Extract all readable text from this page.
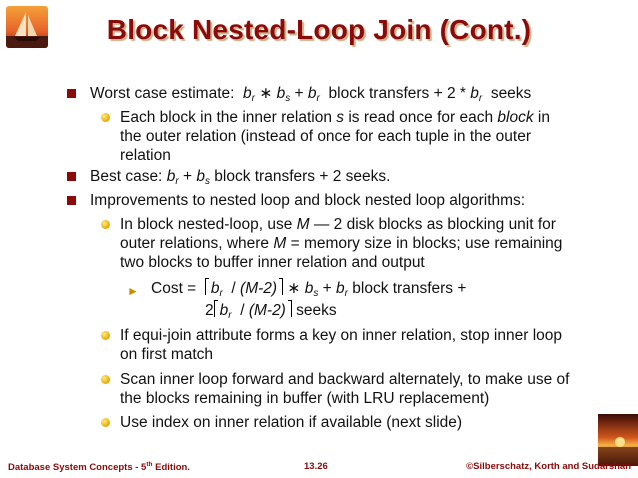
Block Nested-Loop Join (Cont.)
Worst case estimate:  $b_r$ ∗ $b_s + b_r$  block transfers + $2 * b_r$  seeks
Each block in the inner relation s is read once for each block in
the outer relation (instead of once for each tuple in the outer
relation
Best case: $b_r + b_s$ block transfers + 2 seeks.
Improvements to nested loop and block nested loop algorithms:
In block nested-loop, use M — 2 disk blocks as blocking unit for
outer relations, where M = memory size in blocks; use remaining
two blocks to buffer inner relation and output
► Cost =  $b_r / (M-2)$ ∗ $b_s + b_r$ block transfers +
2 $b_r / (M-2)$ seeks
If equi-join attribute forms a key on inner relation, stop inner loop
on first match
Scan inner loop forward and backward alternately, to make use of
the blocks remaining in buffer (with LRU replacement)
Use index on inner relation if available (next slide)
Database System Concepts - 5th Edition.	13.26	©Silberschatz, Korth and Sudarshan
